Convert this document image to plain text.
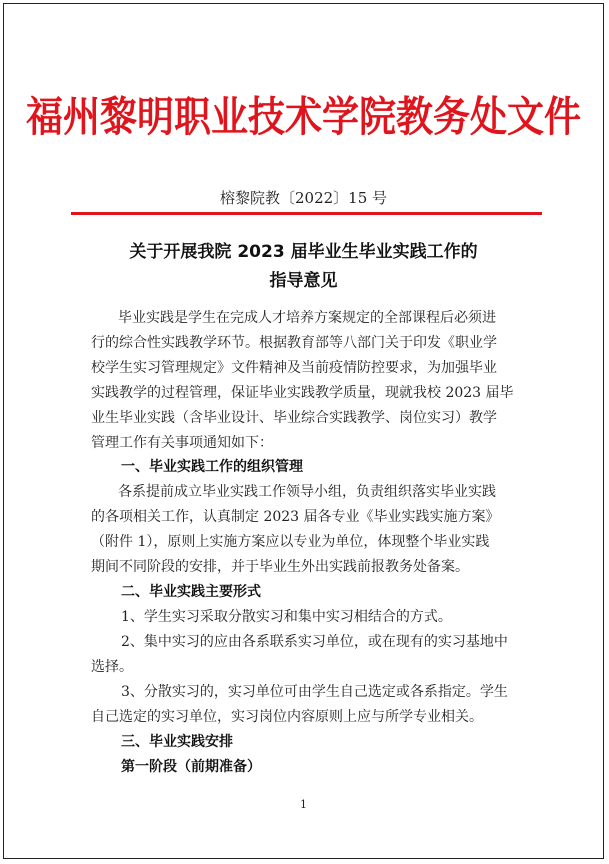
福州黎明职业技术学院教务处文件
榕黎院教〔2022〕15 号
关于开展我院 2023 届毕业生毕业实践工作的
指导意见
毕业实践是学生在完成人才培养方案规定的全部课程后必须进
行的综合性实践教学环节。根据教育部等八部门关于印发《职业学
校学生实习管理规定》文件精神及当前疫情防控要求，为加强毕业
实践教学的过程管理，保证毕业实践教学质量，现就我校 2023 届毕
业生毕业实践（含毕业设计、毕业综合实践教学、岗位实习）教学
管理工作有关事项通知如下：
一、毕业实践工作的组织管理
各系提前成立毕业实践工作领导小组，负责组织落实毕业实践
的各项相关工作，认真制定 2023 届各专业《毕业实践实施方案》
（附件 1），原则上实施方案应以专业为单位，体现整个毕业实践
期间不同阶段的安排，并于毕业生外出实践前报教务处备案。
二、毕业实践主要形式
1、学生实习采取分散实习和集中实习相结合的方式。
2、集中实习的应由各系联系实习单位，或在现有的实习基地中
选择。
3、分散实习的，实习单位可由学生自己选定或各系指定。学生
自己选定的实习单位，实习岗位内容原则上应与所学专业相关。
三、毕业实践安排
第一阶段（前期准备）
1
